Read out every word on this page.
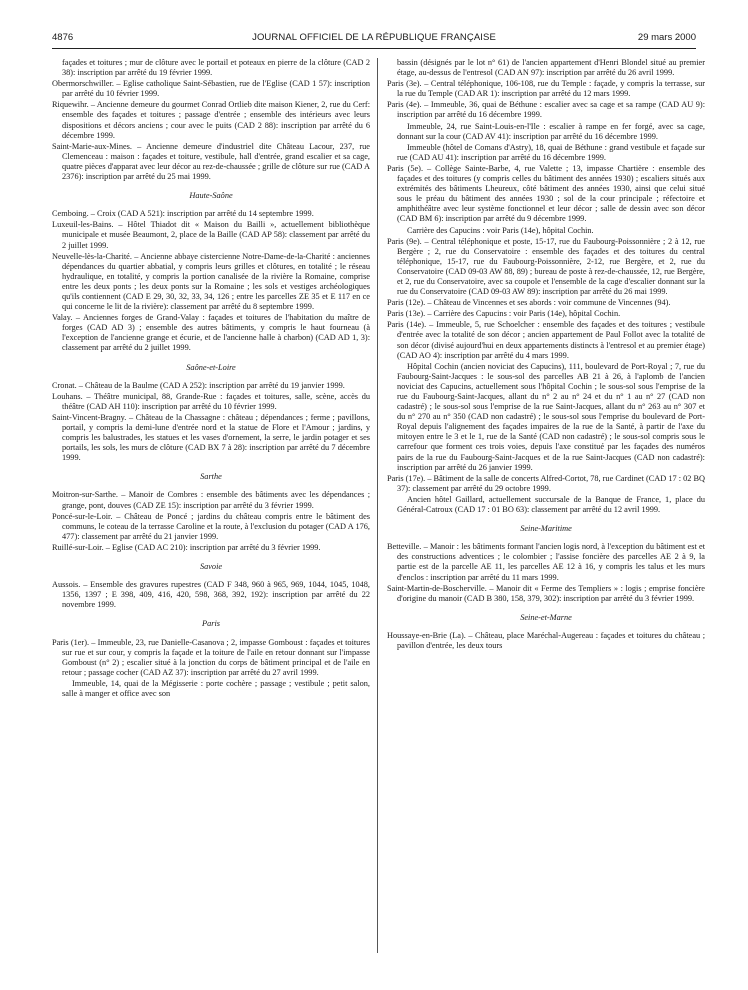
4876	JOURNAL OFFICIEL DE LA RÉPUBLIQUE FRANÇAISE	29 mars 2000
façades et toitures ; mur de clôture avec le portail et poteaux en pierre de la clôture (CAD 2 38): inscription par arrêté du 19 février 1999.
Obermorschwiller. – Eglise catholique Saint-Sébastien, rue de l'Eglise (CAD 1 57): inscription par arrêté du 10 février 1999.
Riquewihr. – Ancienne demeure du gourmet Conrad Ortlieb dite maison Kiener, 2, rue du Cerf: ensemble des façades et toitures ; passage d'entrée ; ensemble des intérieurs avec leurs dispositions et décors anciens ; cour avec le puits (CAD 2 88): inscription par arrêté du 6 décembre 1999.
Saint-Marie-aux-Mines. – Ancienne demeure d'industriel dite Château Lacour, 237, rue Clemenceau : maison : façades et toiture, vestibule, hall d'entrée, grand escalier et sa cage, quatre pièces d'apparat avec leur décor au rez-de-chaussée ; grille de clôture sur rue (CAD A 2376): inscription par arrêté du 25 mai 1999.
Haute-Saône
Cemboing. – Croix (CAD A 521): inscription par arrêté du 14 septembre 1999.
Luxeuil-les-Bains. – Hôtel Thiadot dit « Maison du Bailli », actuellement bibliothèque municipale et musée Beaumont, 2, place de la Baille (CAD AP 58): classement par arrêté du 2 juillet 1999.
Neuvelle-lès-la-Charité. – Ancienne abbaye cistercienne Notre-Dame-de-la-Charité : anciennes dépendances du quartier abbatial, y compris leurs grilles et clôtures, en totalité ; le réseau hydraulique, en totalité, y compris la portion canalisée de la rivière la Romaine, comprise entre les deux ponts ; les deux ponts sur la Romaine ; les sols et vestiges archéologiques qu'ils contiennent (CAD E 29, 30, 32, 33, 34, 126 ; entre les parcelles ZE 35 et E 117 en ce qui concerne le lit de la rivière): classement par arrêté du 8 septembre 1999.
Valay. – Anciennes forges de Grand-Valay : façades et toitures de l'habitation du maître de forges (CAD AD 3) ; ensemble des autres bâtiments, y compris le haut fourneau (à l'exception de l'ancienne grange et écurie, et de l'ancienne halle à charbon) (CAD AD 1, 3): classement par arrêté du 2 juillet 1999.
Saône-et-Loire
Cronat. – Château de la Baulme (CAD A 252): inscription par arrêté du 19 janvier 1999.
Louhans. – Théâtre municipal, 88, Grande-Rue : façades et toitures, salle, scène, accès du théâtre (CAD AH 110): inscription par arrêté du 10 février 1999.
Saint-Vincent-Bragny. – Château de la Chassagne : château ; dépendances ; ferme ; pavillons, portail, y compris la demi-lune d'entrée nord et la statue de Flore et l'Amour ; jardins, y compris les balustrades, les statues et les vases d'ornement, la serre, le jardin potager et ses portails, les sols, les murs de clôture (CAD BX 7 à 28): inscription par arrêté du 7 décembre 1999.
Sarthe
Moitron-sur-Sarthe. – Manoir de Combres : ensemble des bâtiments avec les dépendances ; grange, pont, douves (CAD ZE 15): inscription par arrêté du 3 février 1999.
Poncé-sur-le-Loir. – Château de Poncé ; jardins du château compris entre le bâtiment des communs, le coteau de la terrasse Caroline et la route, à l'exclusion du potager (CAD A 176, 477): classement par arrêté du 21 janvier 1999.
Ruillé-sur-Loir. – Eglise (CAD AC 210): inscription par arrêté du 3 février 1999.
Savoie
Aussois. – Ensemble des gravures rupestres (CAD F 348, 960 à 965, 969, 1044, 1045, 1048, 1356, 1397 ; E 398, 409, 416, 420, 598, 368, 392, 192): inscription par arrêté du 22 novembre 1999.
Paris
Paris (1er). – Immeuble, 23, rue Danielle-Casanova ; 2, impasse Gomboust : façades et toitures sur rue et sur cour, y compris la façade et la toiture de l'aile en retour donnant sur l'impasse Gomboust (n° 2) ; escalier situé à la jonction du corps de bâtiment principal et de l'aile en retour ; passage cocher (CAD AZ 37): inscription par arrêté du 27 avril 1999.
Immeuble, 14, quai de la Mégisserie : porte cochère ; passage ; vestibule ; petit salon, salle à manger et office avec son
bassin (désignés par le lot n° 61) de l'ancien appartement d'Henri Blondel situé au premier étage, au-dessus de l'entresol (CAD AN 97): inscription par arrêté du 26 avril 1999.
Paris (3e). – Central téléphonique, 106-108, rue du Temple : façade, y compris la terrasse, sur la rue du Temple (CAD AR 1): inscription par arrêté du 12 mars 1999.
Paris (4e). – Immeuble, 36, quai de Béthune : escalier avec sa cage et sa rampe (CAD AU 9): inscription par arrêté du 16 décembre 1999.
Immeuble, 24, rue Saint-Louis-en-l'Ile : escalier à rampe en fer forgé, avec sa cage, donnant sur la cour (CAD AV 41): inscription par arrêté du 16 décembre 1999.
Immeuble (hôtel de Comans d'Astry), 18, quai de Béthune : grand vestibule et façade sur rue (CAD AU 41): inscription par arrêté du 16 décembre 1999.
Paris (5e). – Collège Sainte-Barbe, 4, rue Valette ; 13, impasse Chartière : ensemble des façades et des toitures (y compris celles du bâtiment des années 1930) ; escaliers situés aux extrémités des bâtiments Lheureux, côté bâtiment des années 1930, ainsi que celui situé sous le préau du bâtiment des années 1930 ; sol de la cour principale ; réfectoire et amphithéâtre avec leur système fonctionnel et leur décor ; salle de dessin avec son décor (CAD BM 6): inscription par arrêté du 9 décembre 1999.
Carrière des Capucins : voir Paris (14e), hôpital Cochin.
Paris (9e). – Central téléphonique et poste, 15-17, rue du Faubourg-Poissonnière ; 2 à 12, rue Bergère ; 2, rue du Conservatoire : ensemble des façades et des toitures du central téléphonique, 15-17, rue du Faubourg-Poissonnière, 2-12, rue Bergère, et 2, rue du Conservatoire (CAD 09-03 AW 88, 89) ; bureau de poste à rez-de-chaussée, 12, rue Bergère, et 2, rue du Conservatoire, avec sa coupole et l'ensemble de la cage d'escalier donnant sur la rue du Conservatoire (CAD 09-03 AW 89): inscription par arrêté du 26 mai 1999.
Paris (12e). – Château de Vincennes et ses abords : voir commune de Vincennes (94).
Paris (13e). – Carrière des Capucins : voir Paris (14e), hôpital Cochin.
Paris (14e). – Immeuble, 5, rue Schoelcher : ensemble des façades et des toitures ; vestibule d'entrée avec la totalité de son décor ; ancien appartement de Paul Follot avec la totalité de son décor (divisé aujourd'hui en deux appartements distincts à l'entresol et au premier étage) (CAD AO 4): inscription par arrêté du 4 mars 1999.
Hôpital Cochin (ancien noviciat des Capucins), 111, boulevard de Port-Royal ; 7, rue du Faubourg-Saint-Jacques : le sous-sol des parcelles AB 21 à 26, à l'aplomb de l'ancien noviciat des Capucins, actuellement sous l'hôpital Cochin ; le sous-sol sous l'emprise de la rue du Faubourg-Saint-Jacques, allant du n° 2 au n° 24 et du n° 1 au n° 27 (CAD non cadastré) ; le sous-sol sous l'emprise de la rue Saint-Jacques, allant du n° 263 au n° 307 et du n° 270 au n° 350 (CAD non cadastré) ; le sous-sol sous l'emprise du boulevard de Port-Royal depuis l'alignement des façades impaires de la rue de la Santé, à partir de l'axe du mitoyen entre le 3 et le 1, rue de la Santé (CAD non cadastré) ; le sous-sol compris sous le carrefour que forment ces trois voies, depuis l'axe constitué par les façades des numéros pairs de la rue du Faubourg-Saint-Jacques et de la rue Saint-Jacques (CAD non cadastré): inscription par arrêté du 26 janvier 1999.
Paris (17e). – Bâtiment de la salle de concerts Alfred-Cortot, 78, rue Cardinet (CAD 17 : 02 BQ 37): classement par arrêté du 29 octobre 1999.
Ancien hôtel Gaillard, actuellement succursale de la Banque de France, 1, place du Général-Catroux (CAD 17 : 01 BO 63): classement par arrêté du 12 avril 1999.
Seine-Maritime
Betteville. – Manoir : les bâtiments formant l'ancien logis nord, à l'exception du bâtiment est et des constructions adventices ; le colombier ; l'assise foncière des parcelles AE 2 à 9, la partie est de la parcelle AE 11, les parcelles AE 12 à 16, y compris les talus et les murs d'enclos : inscription par arrêté du 11 mars 1999.
Saint-Martin-de-Boscherville. – Manoir dit « Ferme des Templiers » : logis ; emprise foncière d'origine du manoir (CAD B 380, 158, 379, 302): inscription par arrêté du 3 février 1999.
Seine-et-Marne
Houssaye-en-Brie (La). – Château, place Maréchal-Augereau : façades et toitures du château ; pavillon d'entrée, les deux tours
